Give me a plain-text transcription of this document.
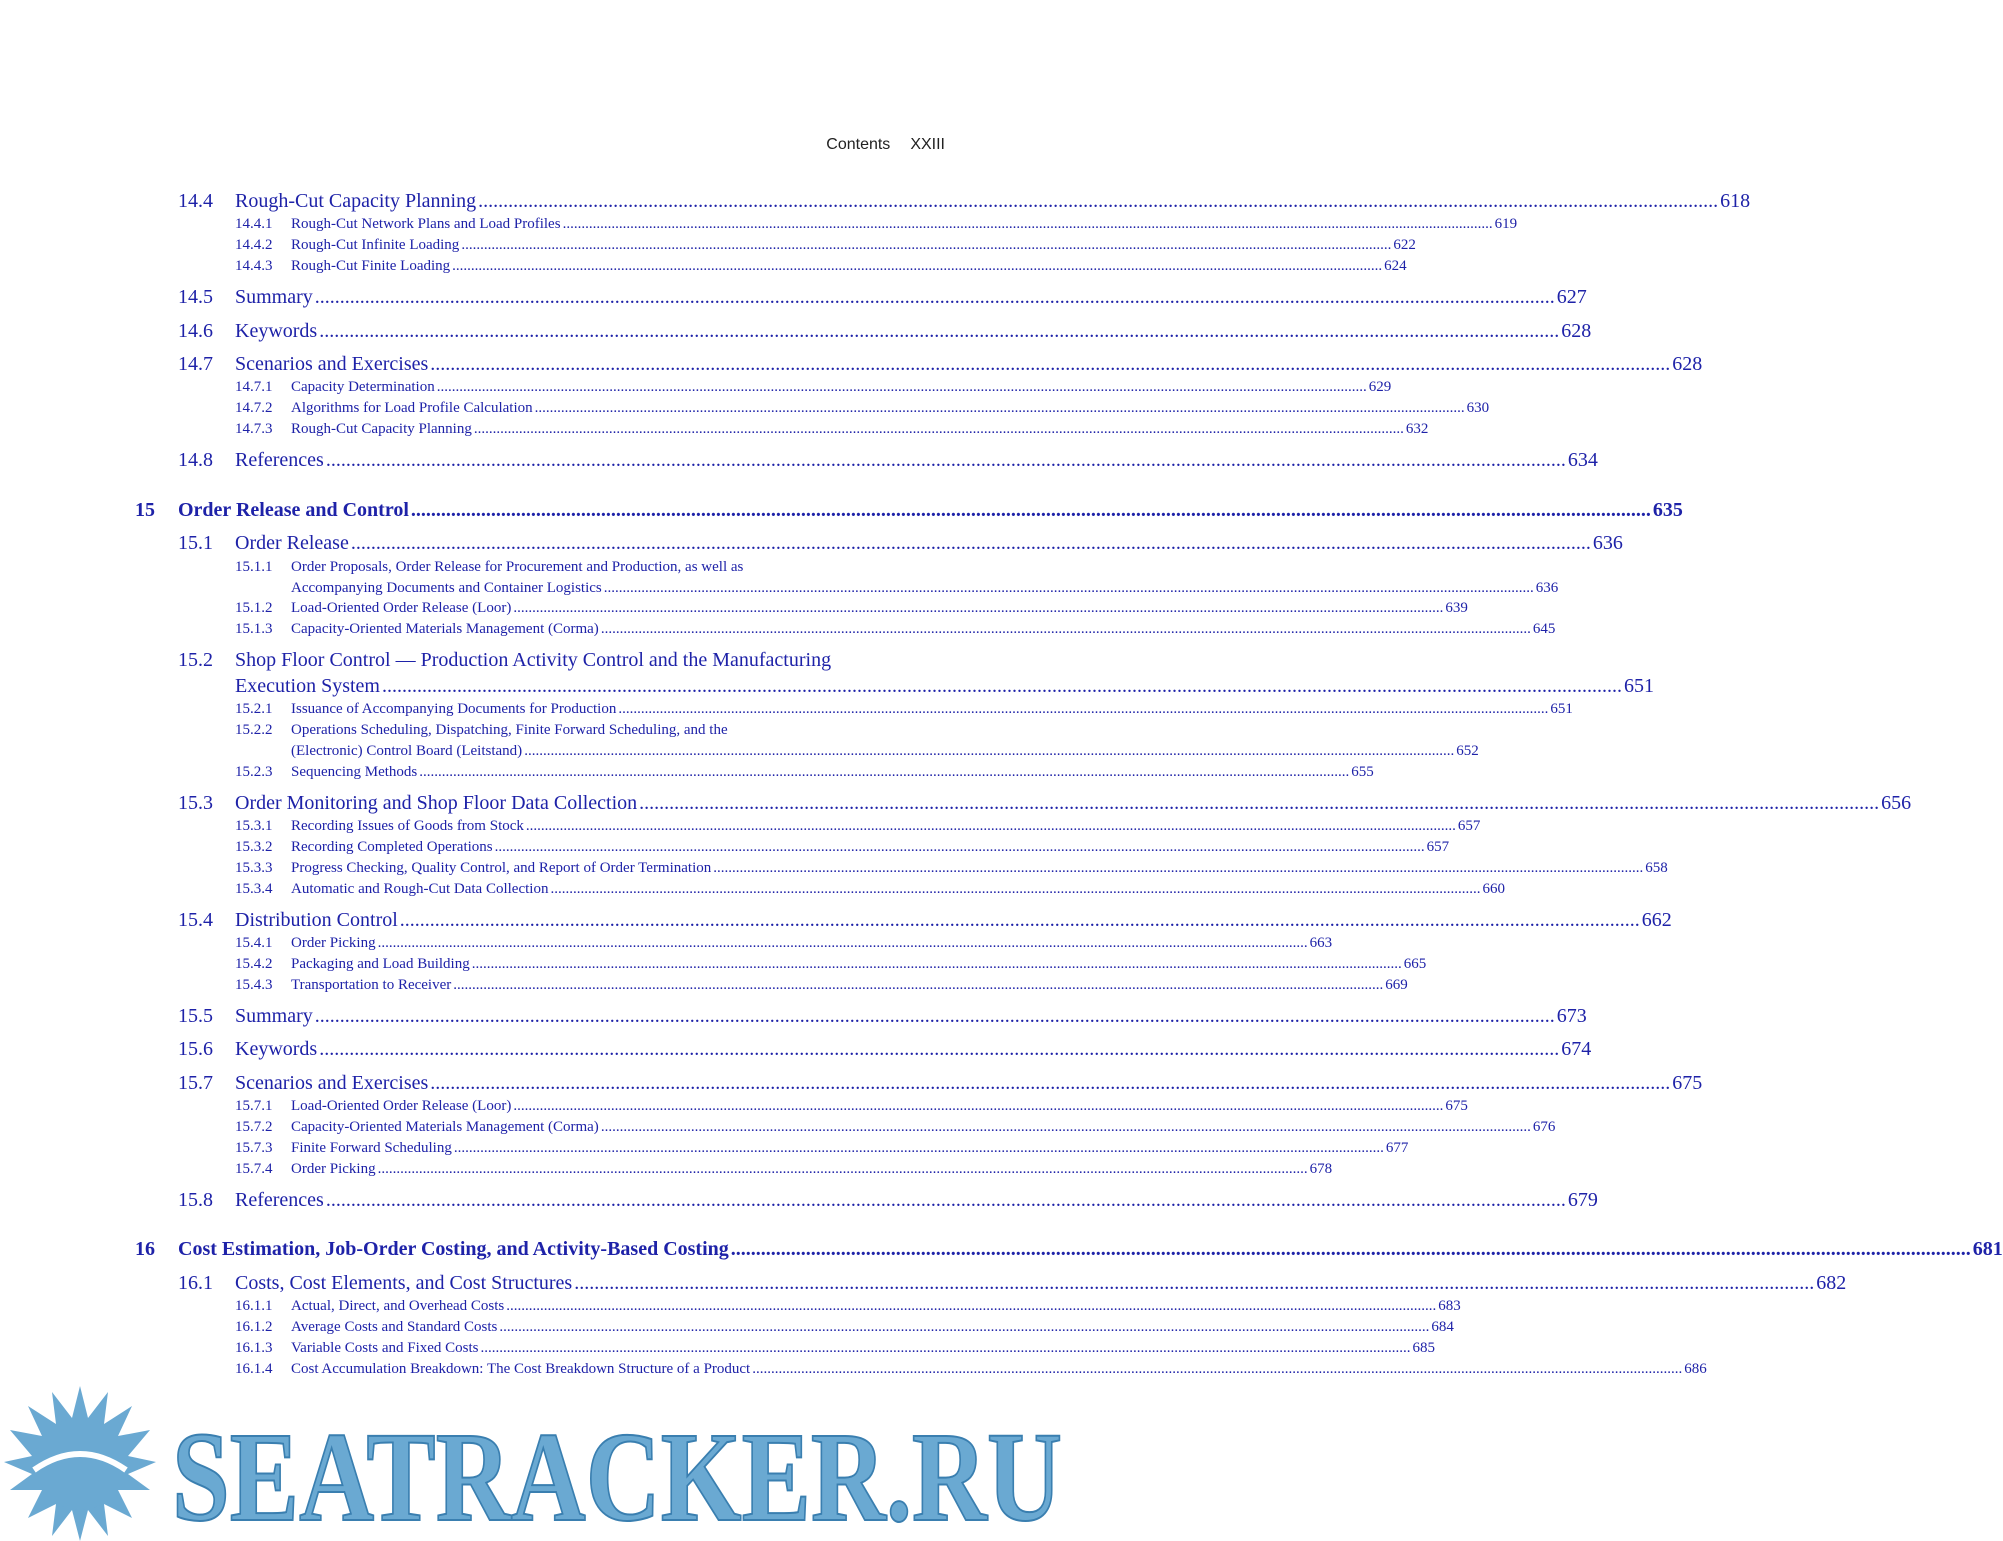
Contents XXIII
14.4 Rough-Cut Capacity Planning .....	618
14.4.1 Rough-Cut Network Plans and Load Profiles .....	619
14.4.2 Rough-Cut Infinite Loading .....	622
14.4.3 Rough-Cut Finite Loading .....	624
14.5 Summary .....	627
14.6 Keywords .....	628
14.7 Scenarios and Exercises .....	628
14.7.1 Capacity Determination .....	629
14.7.2 Algorithms for Load Profile Calculation .....	630
14.7.3 Rough-Cut Capacity Planning .....	632
14.8 References .....	634
15 Order Release and Control .....	635
15.1 Order Release .....	636
15.1.1 Order Proposals, Order Release for Procurement and Production, as well as
Accompanying Documents and Container Logistics .....	636
15.1.2 Load-Oriented Order Release (Loor) .....	639
15.1.3 Capacity-Oriented Materials Management (Corma) .....	645
15.2 Shop Floor Control — Production Activity Control and the Manufacturing
Execution System .....	651
15.2.1 Issuance of Accompanying Documents for Production .....	651
15.2.2 Operations Scheduling, Dispatching, Finite Forward Scheduling, and the
(Electronic) Control Board (Leitstand) .....	652
15.2.3 Sequencing Methods .....	655
15.3 Order Monitoring and Shop Floor Data Collection .....	656
15.3.1 Recording Issues of Goods from Stock .....	657
15.3.2 Recording Completed Operations .....	657
15.3.3 Progress Checking, Quality Control, and Report of Order Termination .....	658
15.3.4 Automatic and Rough-Cut Data Collection .....	660
15.4 Distribution Control .....	662
15.4.1 Order Picking .....	663
15.4.2 Packaging and Load Building .....	665
15.4.3 Transportation to Receiver .....	669
15.5 Summary .....	673
15.6 Keywords .....	674
15.7 Scenarios and Exercises .....	675
15.7.1 Load-Oriented Order Release (Loor) .....	675
15.7.2 Capacity-Oriented Materials Management (Corma) .....	676
15.7.3 Finite Forward Scheduling .....	677
15.7.4 Order Picking .....	678
15.8 References .....	679
16 Cost Estimation, Job-Order Costing, and Activity-Based Costing .....	681
16.1 Costs, Cost Elements, and Cost Structures .....	682
16.1.1 Actual, Direct, and Overhead Costs .....	683
16.1.2 Average Costs and Standard Costs .....	684
16.1.3 Variable Costs and Fixed Costs .....	685
16.1.4 Cost Accumulation Breakdown: The Cost Breakdown Structure of a Product .....	686
SEATRACKER.RU
